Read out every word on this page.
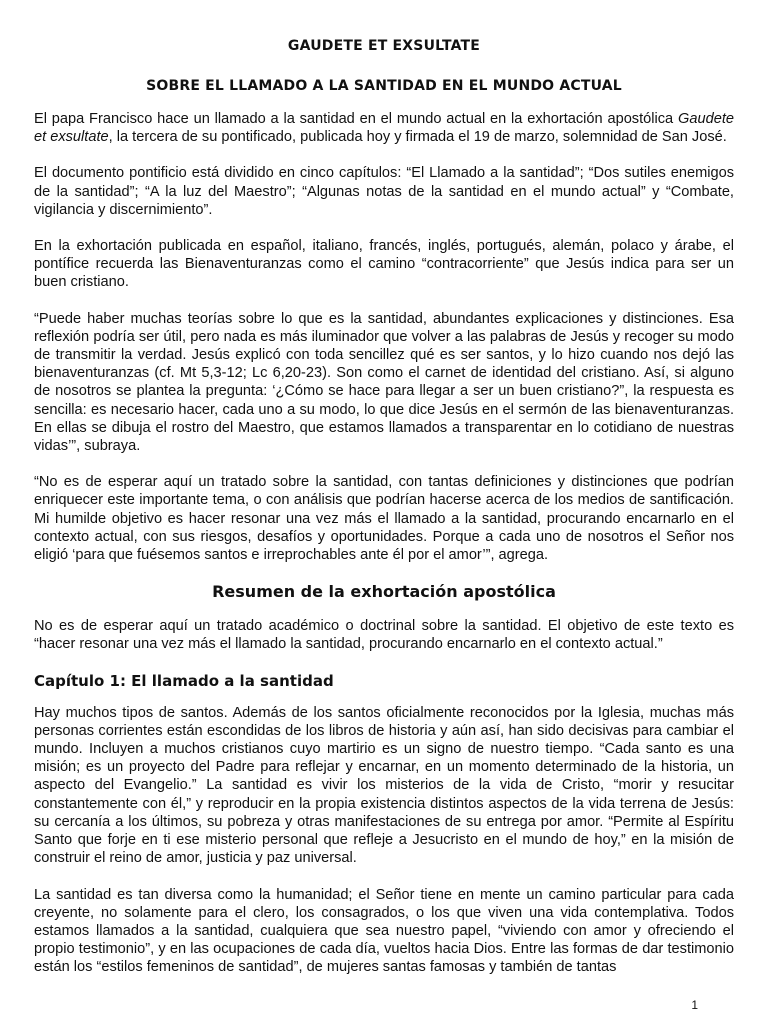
GAUDETE ET EXSULTATE
SOBRE EL LLAMADO A LA SANTIDAD EN EL MUNDO ACTUAL

El papa Francisco hace un llamado a la santidad en el mundo actual en la exhortación apostólica Gaudete et exsultate, la tercera de su pontificado, publicada hoy y firmada el 19 de marzo, solemnidad de San José.

El documento pontificio está dividido en cinco capítulos: “El Llamado a la santidad”; “Dos sutiles enemigos de la santidad”; “A la luz del Maestro”; “Algunas notas de la santidad en el mundo actual” y “Combate, vigilancia y discernimiento”.

En la exhortación publicada en español, italiano, francés, inglés, portugués, alemán, polaco y árabe, el pontífice recuerda las Bienaventuranzas como el camino “contracorriente” que Jesús indica para ser un buen cristiano.

“Puede haber muchas teorías sobre lo que es la santidad, abundantes explicaciones y distinciones. Esa reflexión podría ser útil, pero nada es más iluminador que volver a las palabras de Jesús y recoger su modo de transmitir la verdad. Jesús explicó con toda sencillez qué es ser santos, y lo hizo cuando nos dejó las bienaventuranzas (cf. Mt 5,3-12; Lc 6,20-23). Son como el carnet de identidad del cristiano. Así, si alguno de nosotros se plantea la pregunta: ‘¿Cómo se hace para llegar a ser un buen cristiano?”, la respuesta es sencilla: es necesario hacer, cada uno a su modo, lo que dice Jesús en el sermón de las bienaventuranzas. En ellas se dibuja el rostro del Maestro, que estamos llamados a transparentar en lo cotidiano de nuestras vidas’”, subraya.

“No es de esperar aquí un tratado sobre la santidad, con tantas definiciones y distinciones que podrían enriquecer este importante tema, o con análisis que podrían hacerse acerca de los medios de santificación. Mi humilde objetivo es hacer resonar una vez más el llamado a la santidad, procurando encarnarlo en el contexto actual, con sus riesgos, desafíos y oportunidades. Porque a cada uno de nosotros el Señor nos eligió ‘para que fuésemos santos e irreprochables ante él por el amor’”, agrega.

Resumen de la exhortación apostólica

No es de esperar aquí un tratado académico o doctrinal sobre la santidad. El objetivo de este texto es “hacer resonar una vez más el llamado la santidad, procurando encarnarlo en el contexto actual.”

Capítulo 1: El llamado a la santidad

Hay muchos tipos de santos. Además de los santos oficialmente reconocidos por la Iglesia, muchas más personas corrientes están escondidas de los libros de historia y aún así, han sido decisivas para cambiar el mundo. Incluyen a muchos cristianos cuyo martirio es un signo de nuestro tiempo. “Cada santo es una misión; es un proyecto del Padre para reflejar y encarnar, en un momento determinado de la historia, un aspecto del Evangelio.” La santidad es vivir los misterios de la vida de Cristo, “morir y resucitar constantemente con él,” y reproducir en la propia existencia distintos aspectos de la vida terrena de Jesús: su cercanía a los últimos, su pobreza y otras manifestaciones de su entrega por amor. “Permite al Espíritu Santo que forje en ti ese misterio personal que refleje a Jesucristo en el mundo de hoy,” en la misión de construir el reino de amor, justicia y paz universal.

La santidad es tan diversa como la humanidad; el Señor tiene en mente un camino particular para cada creyente, no solamente para el clero, los consagrados, o los que viven una vida contemplativa. Todos estamos llamados a la santidad, cualquiera que sea nuestro papel, “viviendo con amor y ofreciendo el propio testimonio”, y en las ocupaciones de cada día, vueltos hacia Dios. Entre las formas de dar testimonio están los “estilos femeninos de santidad”, de mujeres santas famosas y también de tantas

1
